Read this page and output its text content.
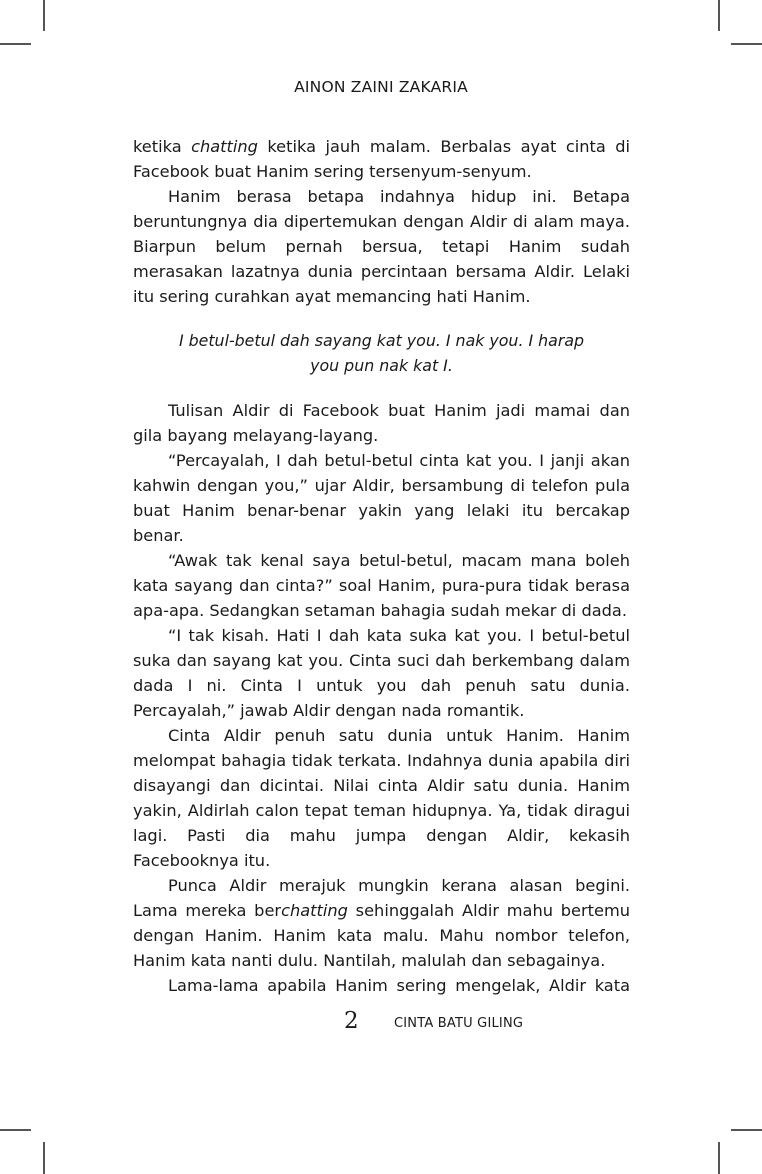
AINON ZAINI ZAKARIA

ketika chatting ketika jauh malam. Berbalas ayat cinta di Facebook buat Hanim sering tersenyum-senyum.

Hanim berasa betapa indahnya hidup ini. Betapa beruntungnya dia dipertemukan dengan Aldir di alam maya. Biarpun belum pernah bersua, tetapi Hanim sudah merasakan lazatnya dunia percintaan bersama Aldir. Lelaki itu sering curahkan ayat memancing hati Hanim.

I betul-betul dah sayang kat you. I nak you. I harap
you pun nak kat I.

Tulisan Aldir di Facebook buat Hanim jadi mamai dan gila bayang melayang-layang.

“Percayalah, I dah betul-betul cinta kat you. I janji akan kahwin dengan you,” ujar Aldir, bersambung di telefon pula buat Hanim benar-benar yakin yang lelaki itu bercakap benar.

“Awak tak kenal saya betul-betul, macam mana boleh kata sayang dan cinta?” soal Hanim, pura-pura tidak berasa apa-apa. Sedangkan setaman bahagia sudah mekar di dada.

“I tak kisah. Hati I dah kata suka kat you. I betul-betul suka dan sayang kat you. Cinta suci dah berkembang dalam dada I ni. Cinta I untuk you dah penuh satu dunia. Percayalah,” jawab Aldir dengan nada romantik.

Cinta Aldir penuh satu dunia untuk Hanim. Hanim melompat bahagia tidak terkata. Indahnya dunia apabila diri disayangi dan dicintai. Nilai cinta Aldir satu dunia. Hanim yakin, Aldirlah calon tepat teman hidupnya. Ya, tidak diragui lagi. Pasti dia mahu jumpa dengan Aldir, kekasih Facebooknya itu.

Punca Aldir merajuk mungkin kerana alasan begini. Lama mereka berchatting sehinggalah Aldir mahu bertemu dengan Hanim. Hanim kata malu. Mahu nombor telefon, Hanim kata nanti dulu. Nantilah, malulah dan sebagainya.

Lama-lama apabila Hanim sering mengelak, Aldir kata

2	CINTA BATU GILING
